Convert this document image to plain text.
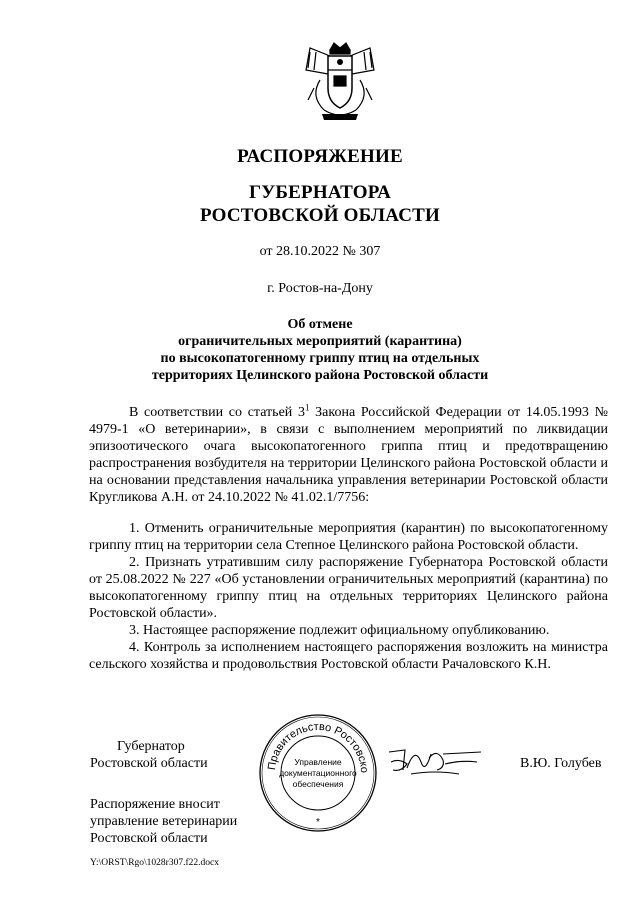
РАСПОРЯЖЕНИЕ
ГУБЕРНАТОРА
РОСТОВСКОЙ ОБЛАСТИ
от 28.10.2022 № 307
г. Ростов-на-Дону
Об отмене
ограничительных мероприятий (карантина)
по высокопатогенному гриппу птиц на отдельных
территориях Целинского района Ростовской области
В соответствии со статьей $3^1$ Закона Российской Федерации от 14.05.1993 № 4979-1 «О ветеринарии», в связи с выполнением мероприятий по ликвидации эпизоотического очага высокопатогенного гриппа птиц и предотвращению распространения возбудителя на территории Целинского района Ростовской области и на основании представления начальника управления ветеринарии Ростовской области Кругликова А.Н. от 24.10.2022 № 41.02.1/7756:
1. Отменить ограничительные мероприятия (карантин) по высокопатогенному гриппу птиц на территории села Степное Целинского района Ростовской области.
2. Признать утратившим силу распоряжение Губернатора Ростовской области от 25.08.2022 № 227 «Об установлении ограничительных мероприятий (карантина) по высокопатогенному гриппу птиц на отдельных территориях Целинского района Ростовской области».
3. Настоящее распоряжение подлежит официальному опубликованию.
4. Контроль за исполнением настоящего распоряжения возложить на министра сельского хозяйства и продовольствия Ростовской области Рачаловского К.Н.
Губернатор
Ростовской области	Правительство Ростовско
Управление
документационного
обеспечения
*
В.Ю. Голубев
Распоряжение вносит
управление ветеринарии
Ростовской области
Y:\ORST\Rgo\1028r307.f22.docx
